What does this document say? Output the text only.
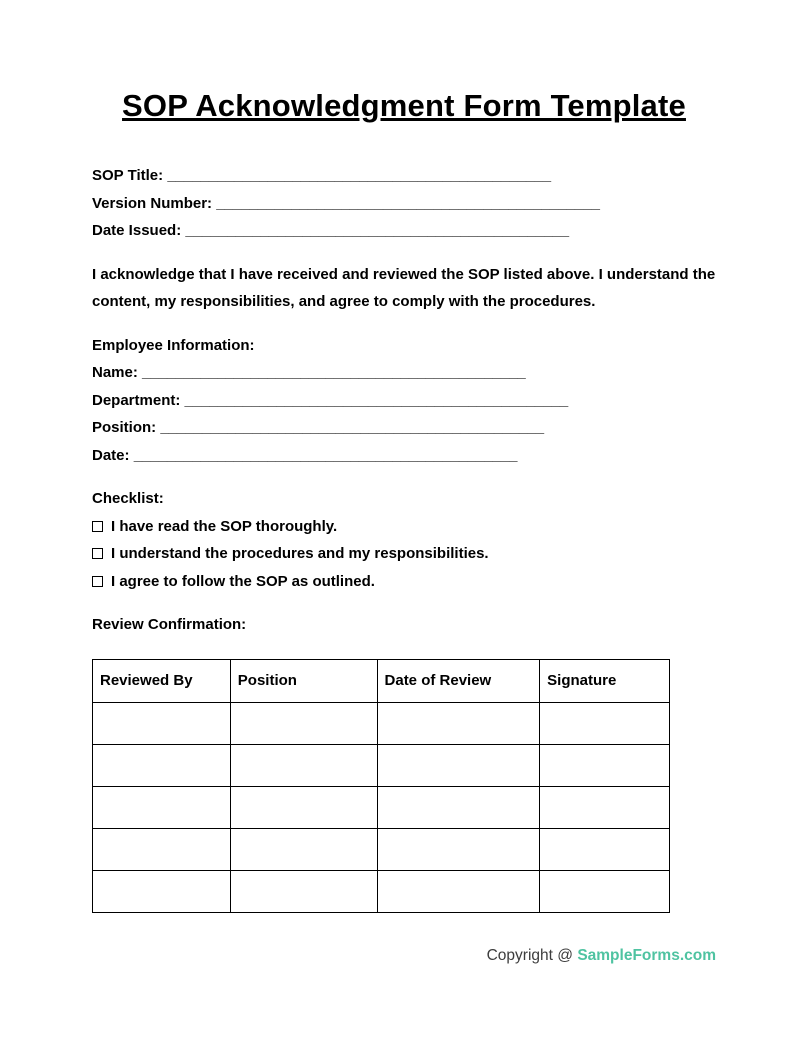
SOP Acknowledgment Form Template
SOP Title: ______________________________________________
Version Number: ______________________________________________
Date Issued: ______________________________________________

I acknowledge that I have received and reviewed the SOP listed above. I understand the content, my responsibilities, and agree to comply with the procedures.

Employee Information:
Name: ______________________________________________
Department: ______________________________________________
Position: ______________________________________________
Date: ______________________________________________
Checklist:
I have read the SOP thoroughly.
I understand the procedures and my responsibilities.
I agree to follow the SOP as outlined.
Review Confirmation:
Reviewed By	Position	Date of Review	Signature

Copyright @ SampleForms.com
